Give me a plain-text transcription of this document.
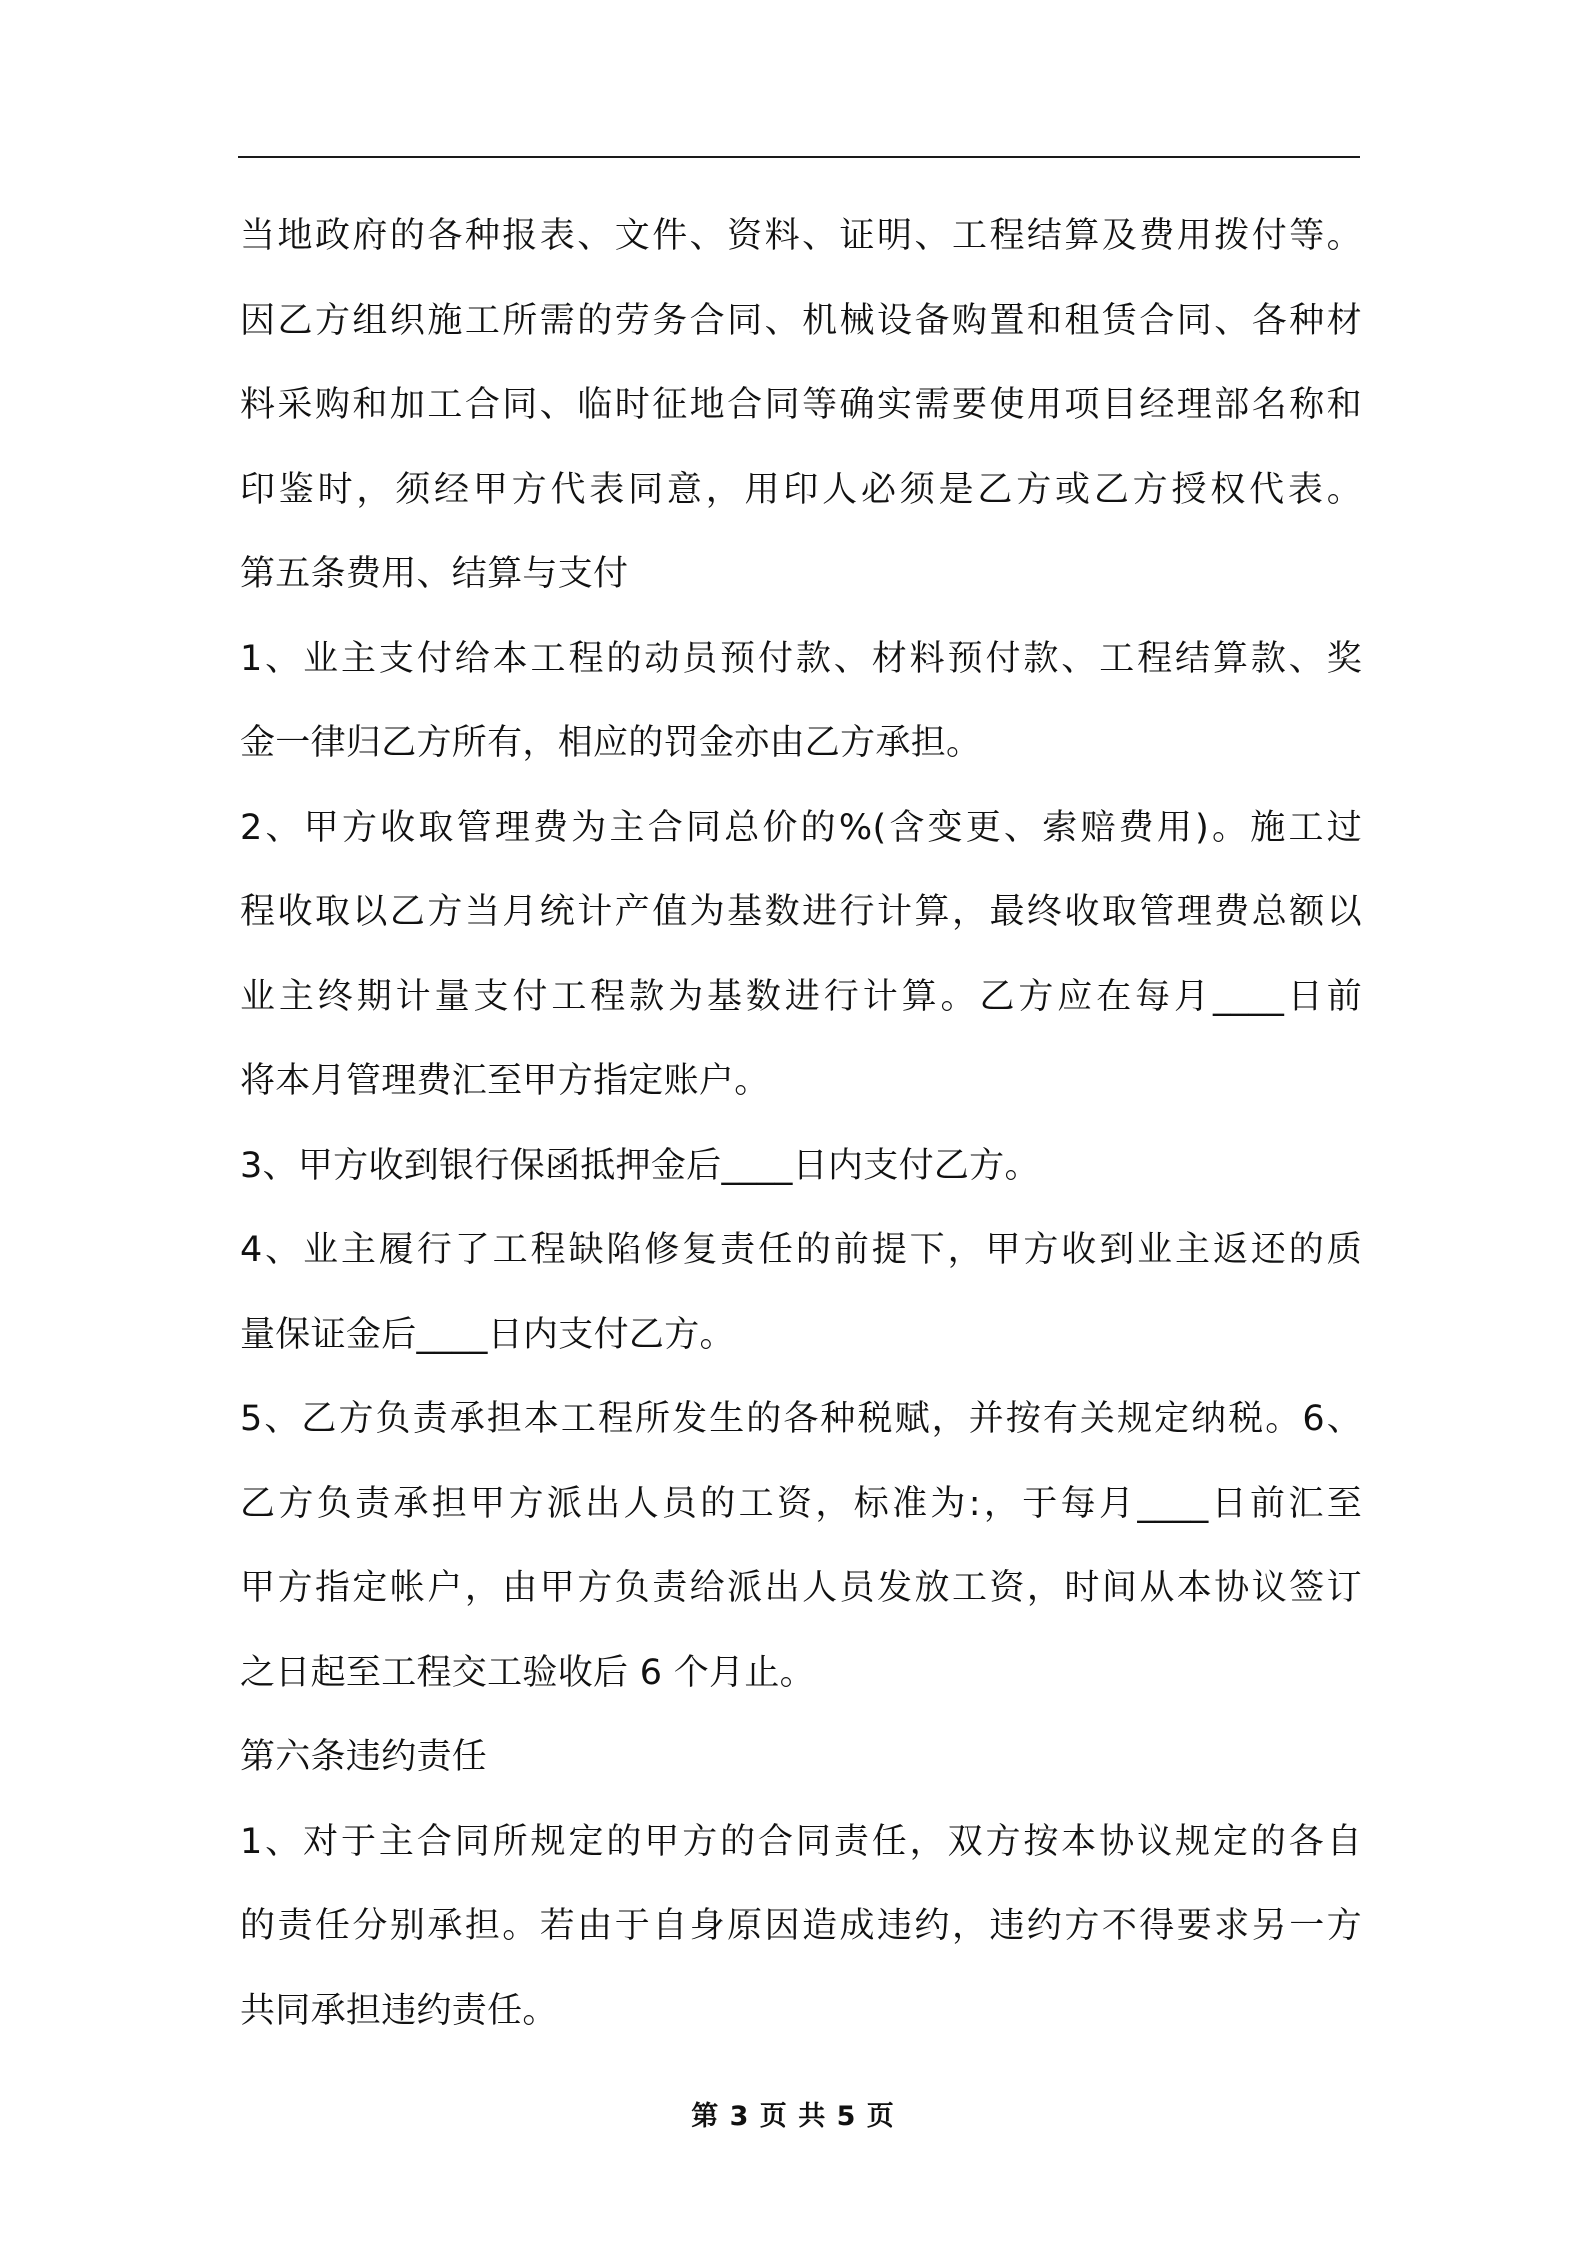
当地政府的各种报表、文件、资料、证明、工程结算及费用拨付等。
因乙方组织施工所需的劳务合同、机械设备购置和租赁合同、各种材
料采购和加工合同、临时征地合同等确实需要使用项目经理部名称和
印鉴时，须经甲方代表同意，用印人必须是乙方或乙方授权代表。
第五条费用、结算与支付
1、业主支付给本工程的动员预付款、材料预付款、工程结算款、奖
金一律归乙方所有，相应的罚金亦由乙方承担。
2、甲方收取管理费为主合同总价的%(含变更、索赔费用)。施工过
程收取以乙方当月统计产值为基数进行计算，最终收取管理费总额以
业主终期计量支付工程款为基数进行计算。乙方应在每月____日前
将本月管理费汇至甲方指定账户。
3、甲方收到银行保函抵押金后____日内支付乙方。
4、业主履行了工程缺陷修复责任的前提下，甲方收到业主返还的质
量保证金后____日内支付乙方。
5、乙方负责承担本工程所发生的各种税赋，并按有关规定纳税。6、
乙方负责承担甲方派出人员的工资，标准为:，于每月____日前汇至
甲方指定帐户，由甲方负责给派出人员发放工资，时间从本协议签订
之日起至工程交工验收后 6 个月止。
第六条违约责任
1、对于主合同所规定的甲方的合同责任，双方按本协议规定的各自
的责任分别承担。若由于自身原因造成违约，违约方不得要求另一方
共同承担违约责任。
第 3 页 共 5 页
